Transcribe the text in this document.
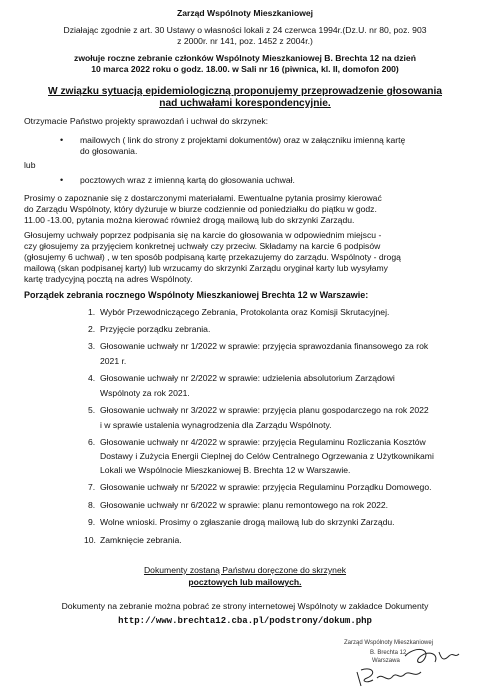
Zarząd Wspólnoty Mieszkaniowej
Działając zgodnie z art. 30 Ustawy o własności lokali z 24 czerwca 1994r.(Dz.U. nr 80, poz. 903
z 2000r. nr 141, poz. 1452 z 2004r.)
zwołuje roczne zebranie członków Wspólnoty Mieszkaniowej B. Brechta 12 na dzień
10 marca 2022 roku o godz. 18.00. w Sali nr 16 (piwnica, kl. II, domofon 200)
W związku sytuacją epidemiologiczną proponujemy przeprowadzenie głosowania
nad uchwałami korespondencyjnie.
Otrzymacie Państwo projekty sprawozdań i uchwał do skrzynek:
• mailowych ( link do strony z projektami dokumentów) oraz w załączniku imienną kartę
do głosowania.
lub
• pocztowych wraz z imienną kartą do głosowania uchwał.
Prosimy o zapoznanie się z dostarczonymi materiałami. Ewentualne pytania prosimy kierować
do Zarządu Wspólnoty, który dyżuruje w biurze codziennie od poniedziałku do piątku w godz.
11.00 -13.00, pytania można kierować również drogą mailową lub do skrzynki Zarządu.
Głosujemy uchwały poprzez podpisania się na karcie do głosowania w odpowiednim miejscu -
czy głosujemy za przyjęciem konkretnej uchwały czy przeciw. Składamy na karcie 6 podpisów
(głosujemy 6 uchwał) , w ten sposób podpisaną kartę przekazujemy do zarządu. Wspólnoty - drogą
mailową (skan podpisanej karty) lub wrzucamy do skrzynki Zarządu oryginał karty lub wysyłamy
kartę tradycyjną pocztą na adres Wspólnoty.
Porządek zebrania rocznego Wspólnoty Mieszkaniowej Brechta 12 w Warszawie:
1. Wybór Przewodniczącego Zebrania, Protokolanta oraz Komisji Skrutacyjnej.
2. Przyjęcie porządku zebrania.
3. Głosowanie uchwały nr 1/2022 w sprawie: przyjęcia sprawozdania finansowego za rok
2021 r.
4. Głosowanie uchwały nr 2/2022 w sprawie: udzielenia absolutorium Zarządowi
Wspólnoty za rok 2021.
5. Głosowanie uchwały nr 3/2022 w sprawie: przyjęcia planu gospodarczego na rok 2022
i w sprawie ustalenia wynagrodzenia dla Zarządu Wspólnoty.
6. Głosowanie uchwały nr 4/2022 w sprawie: przyjęcia Regulaminu Rozliczania Kosztów
Dostawy i Zużycia Energii Cieplnej do Celów Centralnego Ogrzewania z Użytkownikami
Lokali we Wspólnocie Mieszkaniowej B. Brechta 12 w Warszawie.
7. Głosowanie uchwały nr 5/2022 w sprawie: przyjęcia Regulaminu Porządku Domowego.
8. Głosowanie uchwały nr 6/2022 w sprawie: planu remontowego na rok 2022.
9. Wolne wnioski. Prosimy o zgłaszanie drogą mailową lub do skrzynki Zarządu.
10. Zamknięcie zebrania.
Dokumenty zostaną Państwu doręczone do skrzynek
pocztowych lub mailowych.
Dokumenty na zebranie można pobrać ze strony internetowej Wspólnoty w zakładce Dokumenty
http://www.brechta12.cba.pl/podstrony/dokum.php
Zarząd Wspólnoty Mieszkaniowej
B. Brechta 12
Warszawa
